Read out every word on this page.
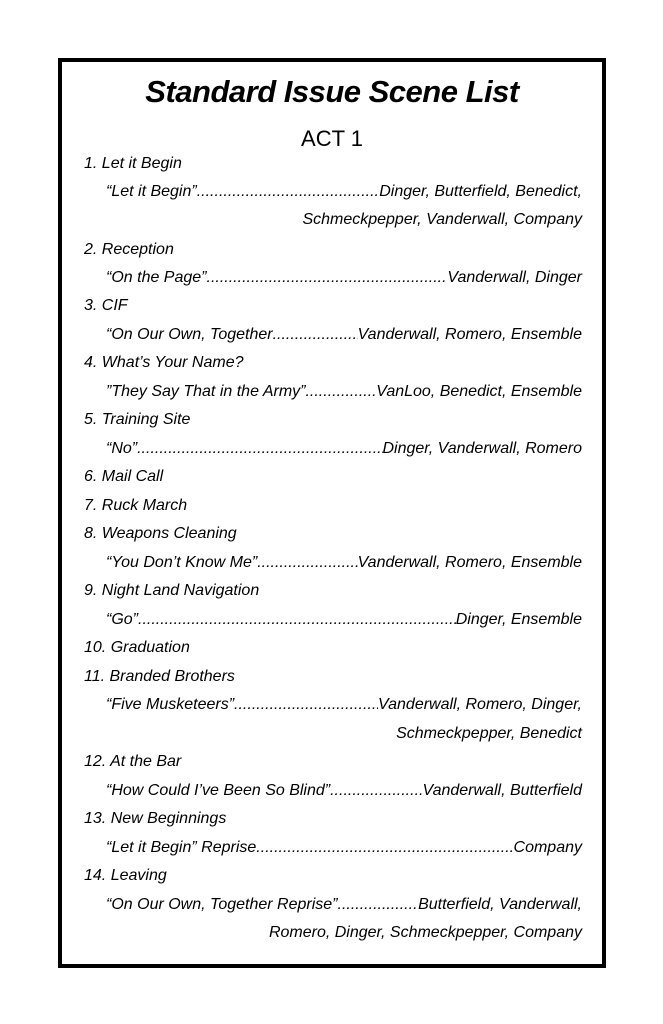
Standard Issue Scene List
ACT 1
1. Let it Begin
“Let it Begin” .....	Dinger, Butterfield, Benedict,
Schmeckpepper, Vanderwall, Company
2. Reception
“On the Page” .....	Vanderwall, Dinger
3. CIF
“On Our Own, Together .....	Vanderwall, Romero, Ensemble
4. What’s Your Name?
”They Say That in the Army” .....	VanLoo, Benedict, Ensemble
5. Training Site
“No” .....	Dinger, Vanderwall, Romero
6. Mail Call
7. Ruck March
8. Weapons Cleaning
“You Don’t Know Me” .....	Vanderwall, Romero, Ensemble
9. Night Land Navigation
“Go” .....	Dinger, Ensemble
10. Graduation
11. Branded Brothers
“Five Musketeers” .....	Vanderwall, Romero, Dinger,
Schmeckpepper, Benedict
12. At the Bar
“How Could I’ve Been So Blind” .....	Vanderwall, Butterfield
13. New Beginnings
“Let it Begin” Reprise .....	Company
14. Leaving
“On Our Own, Together Reprise” .....	Butterfield, Vanderwall,
Romero, Dinger, Schmeckpepper, Company
